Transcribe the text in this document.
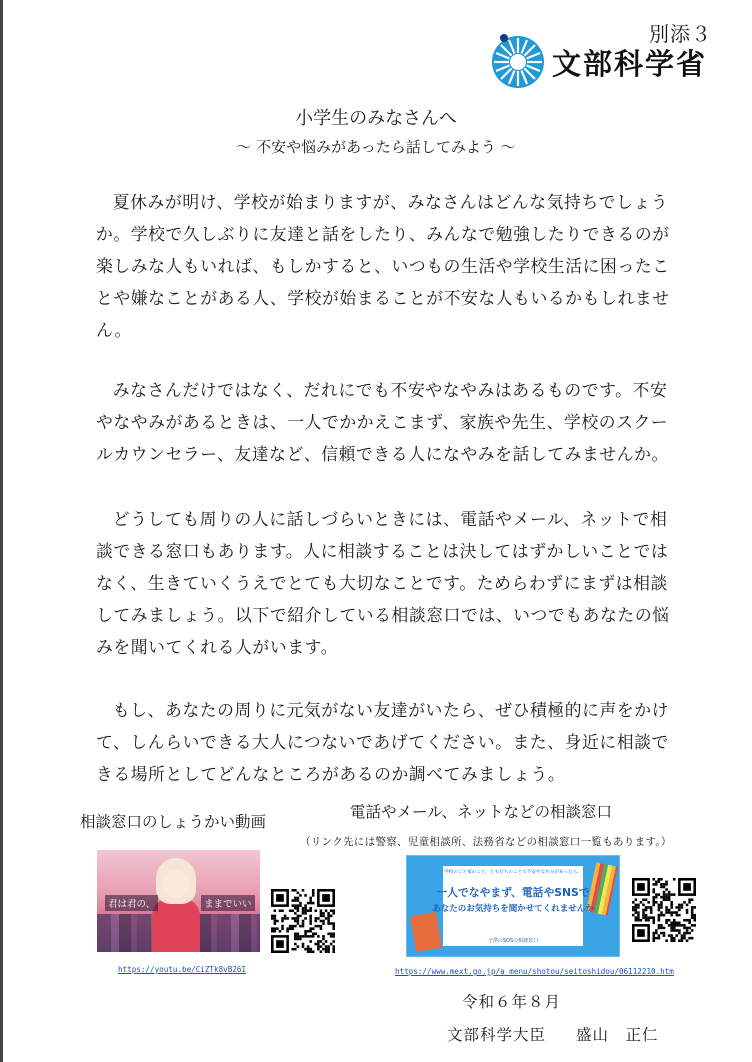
別添３
文部科学省
小学生のみなさんへ
～ 不安や悩みがあったら話してみよう ～

夏休みが明け、学校が始まりますが、みなさんはどんな気持ちでしょうか。学校で久しぶりに友達と話をしたり、みんなで勉強したりできるのが楽しみな人もいれば、もしかすると、いつもの生活や学校生活に困ったことや嫌なことがある人、学校が始まることが不安な人もいるかもしれません。

みなさんだけではなく、だれにでも不安やなやみはあるものです。不安やなやみがあるときは、一人でかかえこまず、家族や先生、学校のスクールカウンセラー、友達など、信頼できる人になやみを話してみませんか。

どうしても周りの人に話しづらいときには、電話やメール、ネットで相談できる窓口もあります。人に相談することは決してはずかしいことではなく、生きていくうえでとても大切なことです。ためらわずにまずは相談してみましょう。以下で紹介している相談窓口では、いつでもあなたの悩みを聞いてくれる人がいます。

もし、あなたの周りに元気がない友達がいたら、ぜひ積極的に声をかけて、しんらいできる大人につないであげてください。また、身近に相談できる場所としてどんなところがあるのか調べてみましょう。

相談窓口のしょうかい動画
電話やメール、ネットなどの相談窓口
（リンク先には警察、児童相談所、法務省などの相談窓口一覧もあります。）
君は君の、	ままでいい
学校のこと家のこと、ともだちのことで不安やなやみがあったら、
一人でなやまず、電話やSNSで
あなたのお気持ちを聞かせてくれませんか
子供のSOSの相談窓口
https://youtu.be/CiZTk8vB26I	https://www.mext.go.jp/a_menu/shotou/seitoshidou/06112210.htm
令和６年８月
文部科学大臣 盛山　正仁
